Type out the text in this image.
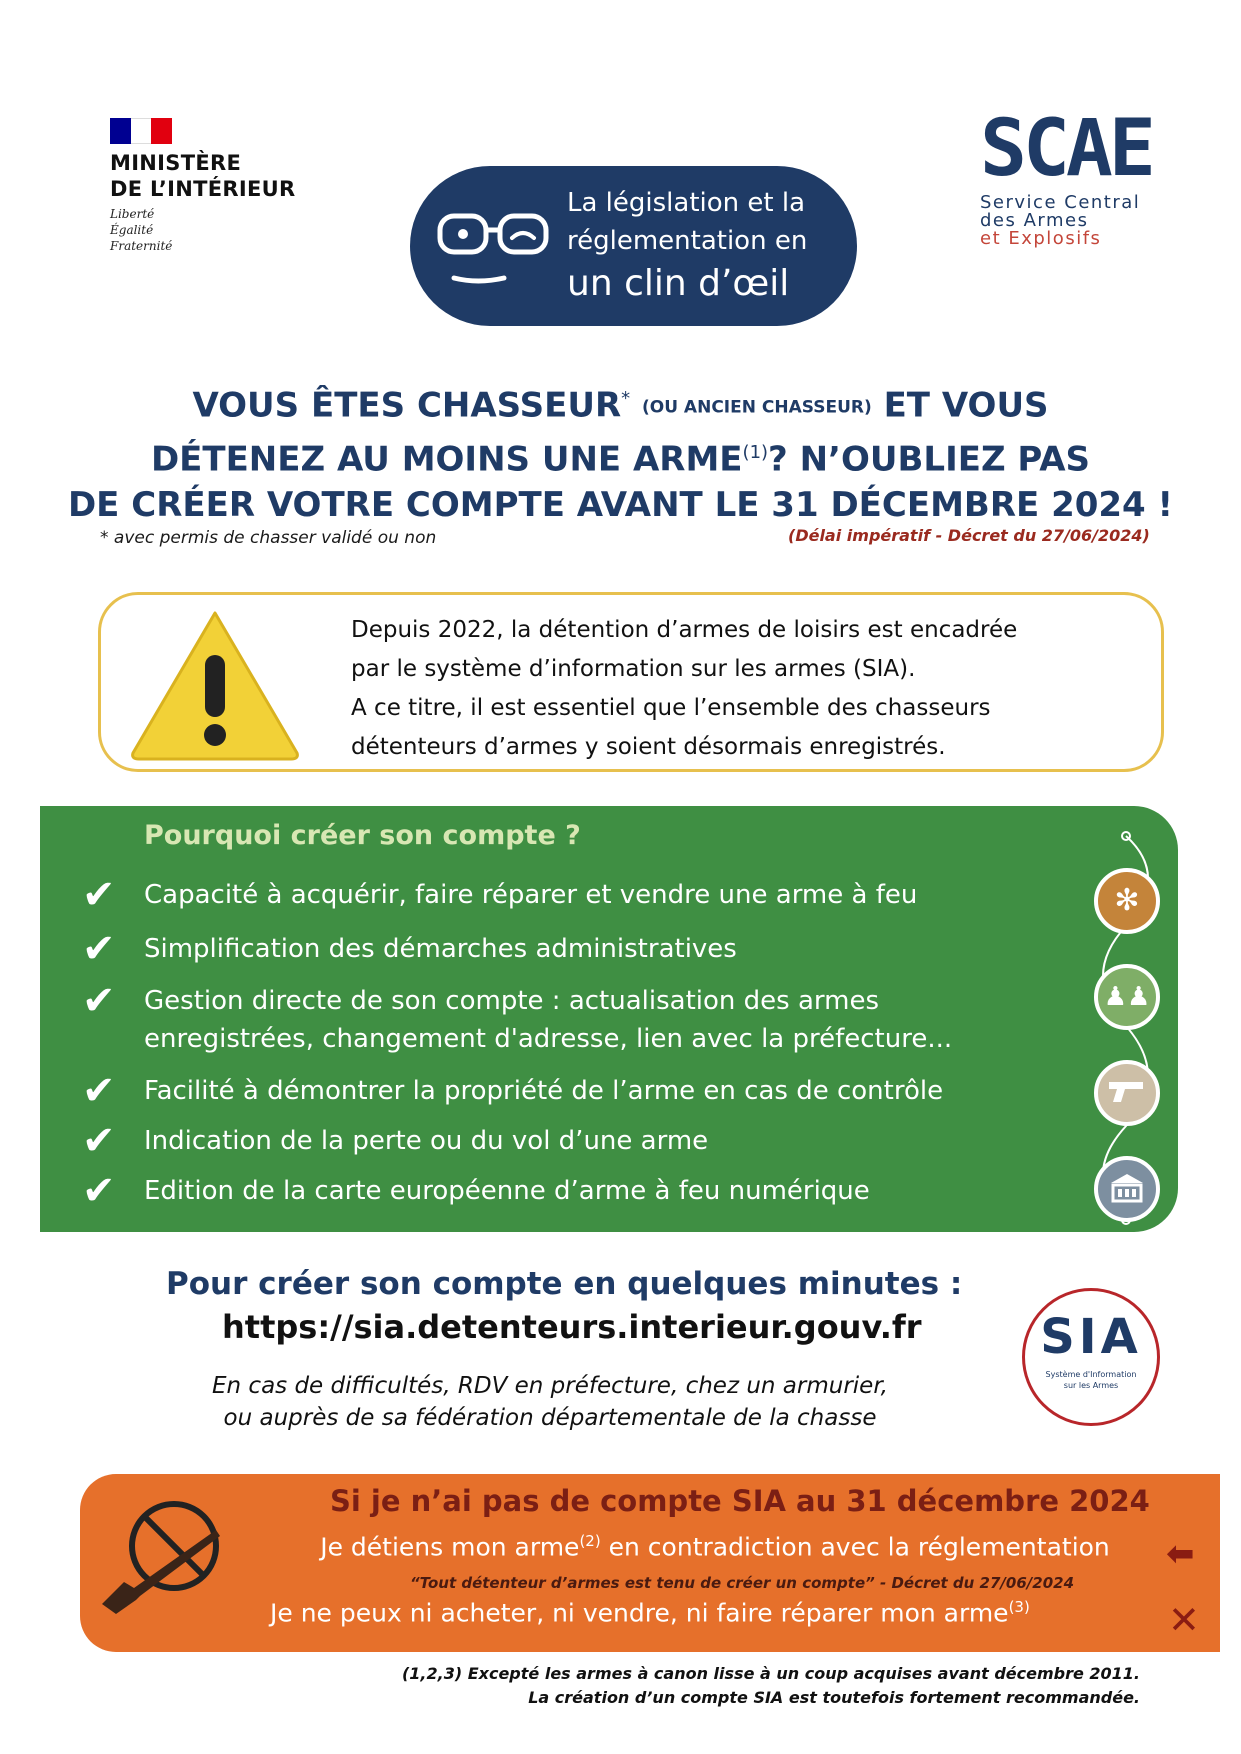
MINISTÈRE
DE L’INTÉRIEUR
Liberté
Égalité
Fraternité
La législation et la
réglementation en
un clin d’œil
SCAE
Service Central
des Armes
et Explosifs
VOUS ÊTES CHASSEUR* (OU ANCIEN CHASSEUR) ET VOUS
DÉTENEZ AU MOINS UNE ARME$^{(1)}$? N’OUBLIEZ PAS
DE CRÉER VOTRE COMPTE AVANT LE 31 DÉCEMBRE 2024 !
* avec permis de chasser validé ou non	(Délai impératif - Décret du 27/06/2024)
Depuis 2022, la détention d’armes de loisirs est encadrée
par le système d’information sur les armes (SIA).
A ce titre, il est essentiel que l’ensemble des chasseurs
détenteurs d’armes y soient désormais enregistrés.
Pourquoi créer son compte ?
✔	Capacité à acquérir, faire réparer et vendre une arme à feu
✔	Simplification des démarches administratives
✔	Gestion directe de son compte : actualisation des armes enregistrées, changement d'adresse, lien avec la préfecture...
✔	Facilité à démontrer la propriété de l’arme en cas de contrôle
✔	Indication de la perte ou du vol d’une arme
✔	Edition de la carte européenne d’arme à feu numérique
✻
♟♟
Pour créer son compte en quelques minutes :
https://sia.detenteurs.interieur.gouv.fr
En cas de difficultés, RDV en préfecture, chez un armurier,
ou auprès de sa fédération départementale de la chasse
SIA
Système d'Information
sur les Armes
Si je n’ai pas de compte SIA au 31 décembre 2024
Je détiens mon arme$^{(2)}$ en contradiction avec la réglementation
“Tout détenteur d’armes est tenu de créer un compte” - Décret du 27/06/2024
Je ne peux ni acheter, ni vendre, ni faire réparer mon arme$^{(3)}$
⬅
✕
(1,2,3) Excepté les armes à canon lisse à un coup acquises avant décembre 2011.
La création d’un compte SIA est toutefois fortement recommandée.
